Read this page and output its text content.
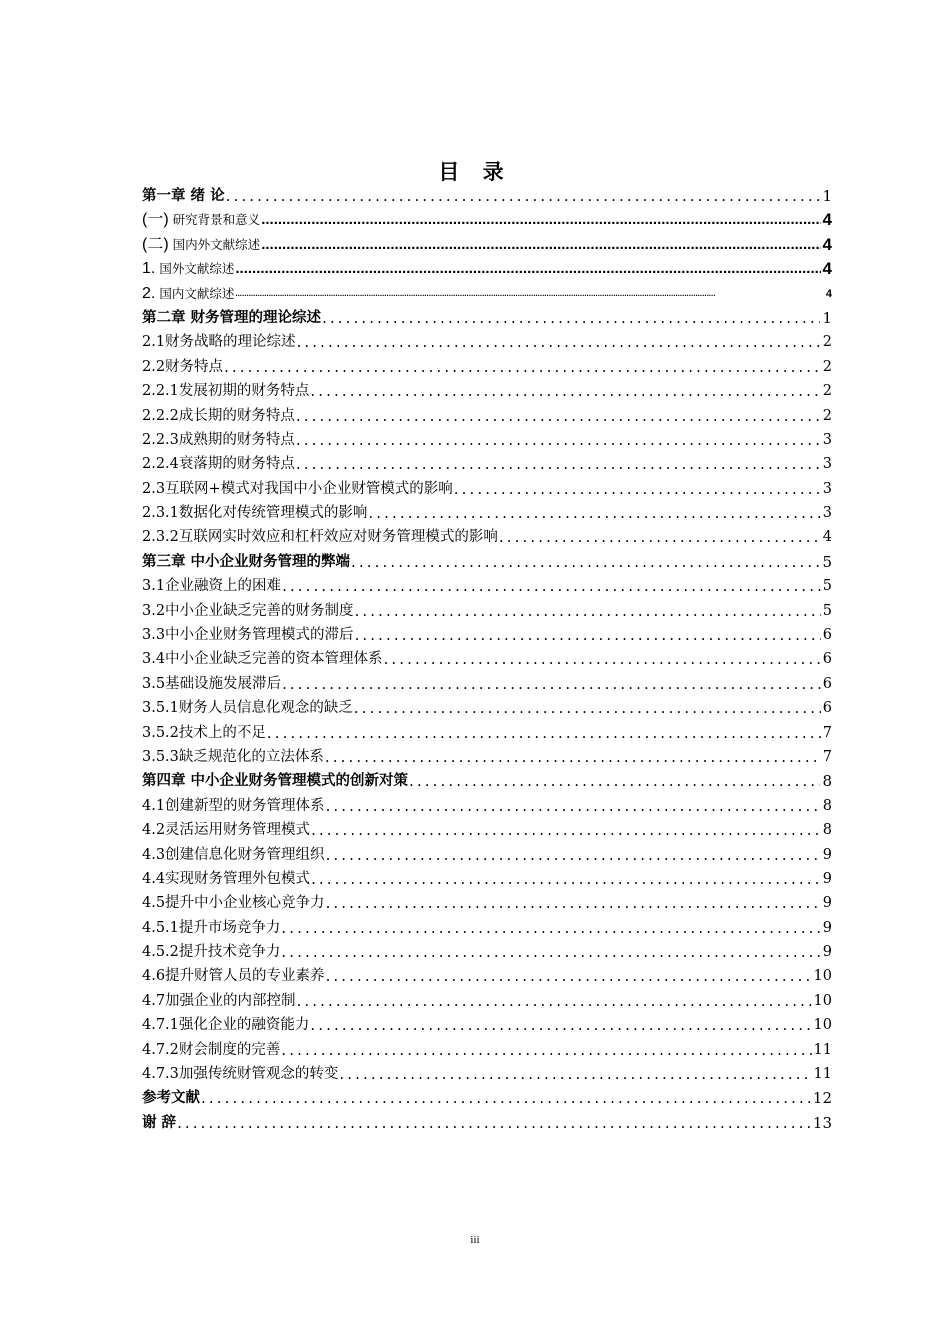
目 录
第一章 绪 论 .....	1
(一) 研究背景和意义 .....	4
(二) 国内外文献综述 .....	4
1. 国外文献综述 .....	4
2. 国内文献综述 .....	4
第二章 财务管理的理论综述 .....	1
2.1财务战略的理论综述 .....	2
2.2财务特点 .....	2
2.2.1发展初期的财务特点 .....	2
2.2.2成长期的财务特点 .....	2
2.2.3成熟期的财务特点 .....	3
2.2.4衰落期的财务特点 .....	3
2.3互联网+模式对我国中小企业财管模式的影响 .....	3
2.3.1数据化对传统管理模式的影响 .....	3
2.3.2互联网实时效应和杠杆效应对财务管理模式的影响 .....	4
第三章 中小企业财务管理的弊端 .....	5
3.1企业融资上的困难 .....	5
3.2中小企业缺乏完善的财务制度 .....	5
3.3中小企业财务管理模式的滞后 .....	6
3.4中小企业缺乏完善的资本管理体系 .....	6
3.5基础设施发展滞后 .....	6
3.5.1财务人员信息化观念的缺乏 .....	6
3.5.2技术上的不足 .....	7
3.5.3缺乏规范化的立法体系 .....	7
第四章 中小企业财务管理模式的创新对策 .....	8
4.1创建新型的财务管理体系 .....	8
4.2灵活运用财务管理模式 .....	8
4.3创建信息化财务管理组织 .....	9
4.4实现财务管理外包模式 .....	9
4.5提升中小企业核心竞争力 .....	9
4.5.1提升市场竞争力 .....	9
4.5.2提升技术竞争力 .....	9
4.6提升财管人员的专业素养 .....	10
4.7加强企业的内部控制 .....	10
4.7.1强化企业的融资能力 .....	10
4.7.2财会制度的完善 .....	11
4.7.3加强传统财管观念的转变 .....	11
参考文献 .....	12
谢 辞 .....	13
iii
